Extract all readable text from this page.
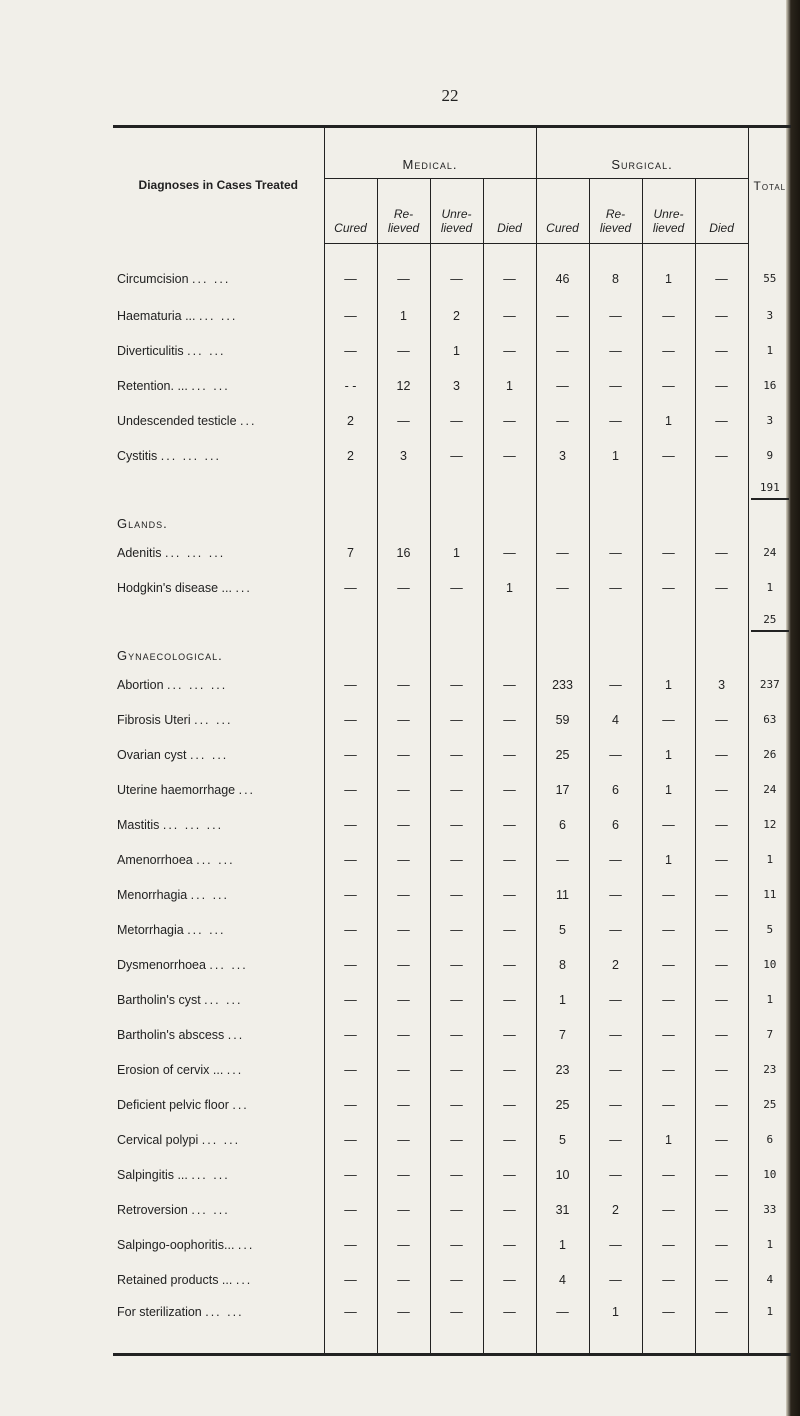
22
Diagnoses in Cases Treated	Medical.				Surgical.				Total
	Cured	Re- lieved	Unre- lieved	Died	Cured	Re- lieved	Unre- lieved	Died	
Circumcision ... ...	—	—	—	—	46	8	1	—	55
Haematuria ... ... ...	—	1	2	—	—	—	—	—	3
Diverticulitis ... ...	—	—	1	—	—	—	—	—	1
Retention. ... ... ...	- -	12	3	1	—	—	—	—	16
Undescended testicle ...	2	—	—	—	—	—	1	—	3
Cystitis ... ... ...	2	3	—	—	3	1	—	—	9
Glands.									191
Adenitis ... ... ...	7	16	1	—	—	—	—	—	24
Hodgkin's disease ... ...	—	—	—	1	—	—	—	—	1
Gynaecological.									25
Abortion ... ... ...	—	—	—	—	233	—	1	3	237
Fibrosis Uteri ... ...	—	—	—	—	59	4	—	—	63
Ovarian cyst ... ...	—	—	—	—	25	—	1	—	26
Uterine haemorrhage ...	—	—	—	—	17	6	1	—	24
Mastitis ... ... ...	—	—	—	—	6	6	—	—	12
Amenorrhoea ... ...	—	—	—	—	—	—	1	—	1
Menorrhagia ... ...	—	—	—	—	11	—	—	—	11
Metorrhagia ... ...	—	—	—	—	5	—	—	—	5
Dysmenorrhoea ... ...	—	—	—	—	8	2	—	—	10
Bartholin's cyst ... ...	—	—	—	—	1	—	—	—	1
Bartholin's abscess ...	—	—	—	—	7	—	—	—	7
Erosion of cervix ... ...	—	—	—	—	23	—	—	—	23
Deficient pelvic floor ...	—	—	—	—	25	—	—	—	25
Cervical polypi ... ...	—	—	—	—	5	—	1	—	6
Salpingitis ... ... ...	—	—	—	—	10	—	—	—	10
Retroversion ... ...	—	—	—	—	31	2	—	—	33
Salpingo-oophoritis... ...	—	—	—	—	1	—	—	—	1
Retained products ... ...	—	—	—	—	4	—	—	—	4
For sterilization ... ...	—	—	—	—	—	1	—	—	1
